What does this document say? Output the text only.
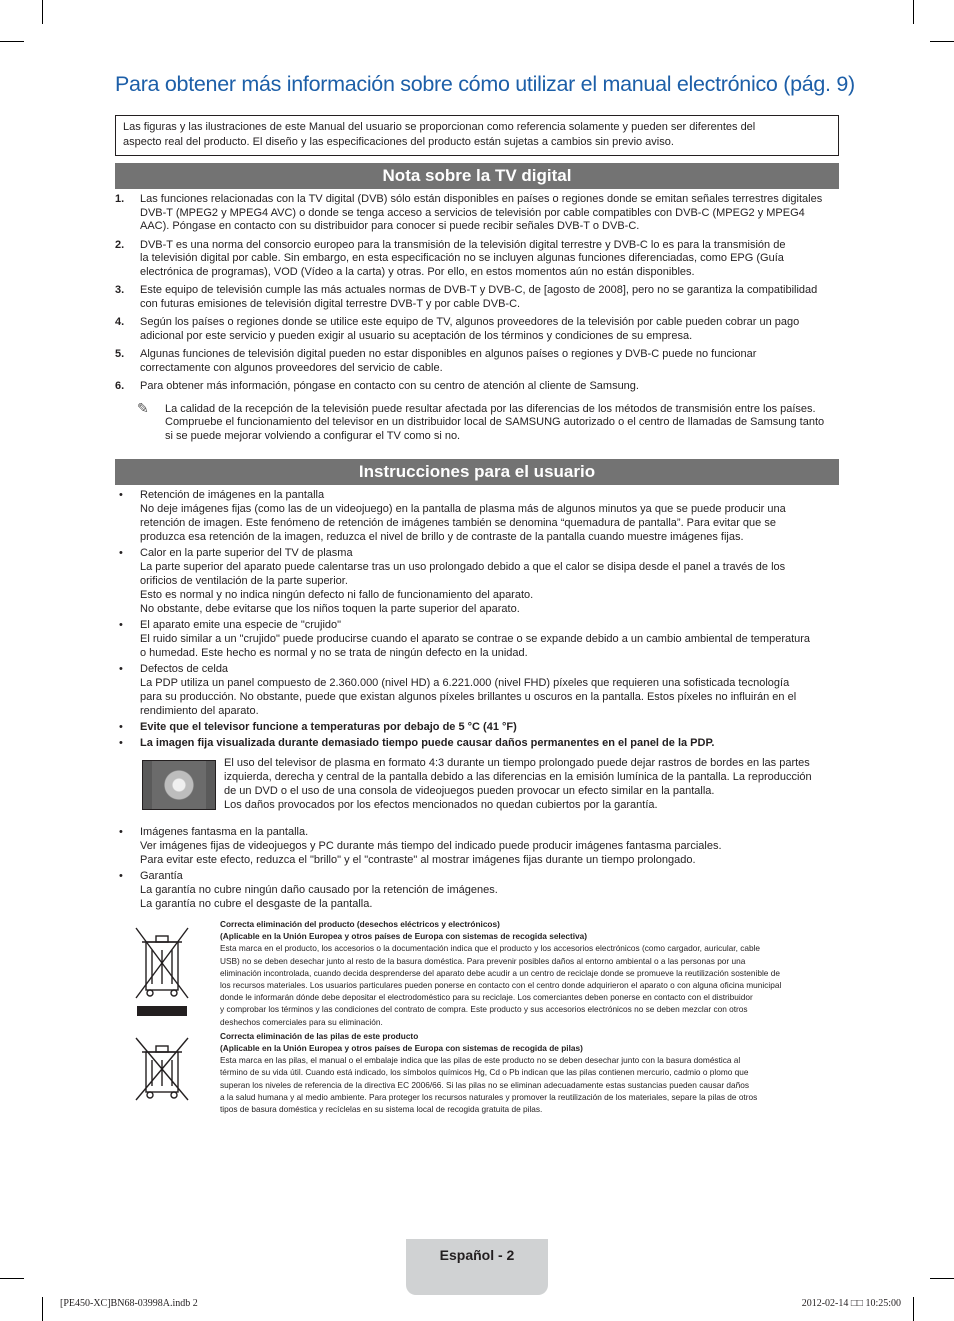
Para obtener más información sobre cómo utilizar el manual electrónico (pág. 9)
Las figuras y las ilustraciones de este Manual del usuario se proporcionan como referencia solamente y pueden ser diferentes del
aspecto real del producto. El diseño y las especificaciones del producto están sujetas a cambios sin previo aviso.
Nota sobre la TV digital
1. Las funciones relacionadas con la TV digital (DVB) sólo están disponibles en países o regiones donde se emitan señales terrestres digitales
DVB-T (MPEG2 y MPEG4 AVC) o donde se tenga acceso a servicios de televisión por cable compatibles con DVB-C (MPEG2 y MPEG4
AAC). Póngase en contacto con su distribuidor para conocer si puede recibir señales DVB-T o DVB-C.
2. DVB-T es una norma del consorcio europeo para la transmisión de la televisión digital terrestre y DVB-C lo es para la transmisión de
la televisión digital por cable. Sin embargo, en esta especificación no se incluyen algunas funciones diferenciadas, como EPG (Guía
electrónica de programas), VOD (Vídeo a la carta) y otras. Por ello, en estos momentos aún no están disponibles.
3. Este equipo de televisión cumple las más actuales normas de DVB-T y DVB-C, de [agosto de 2008], pero no se garantiza la compatibilidad
con futuras emisiones de televisión digital terrestre DVB-T y por cable DVB-C.
4. Según los países o regiones donde se utilice este equipo de TV, algunos proveedores de la televisión por cable pueden cobrar un pago
adicional por este servicio y pueden exigir al usuario su aceptación de los términos y condiciones de su empresa.
5. Algunas funciones de televisión digital pueden no estar disponibles en algunos países o regiones y DVB-C puede no funcionar
correctamente con algunos proveedores del servicio de cable.
6. Para obtener más información, póngase en contacto con su centro de atención al cliente de Samsung.
✎ La calidad de la recepción de la televisión puede resultar afectada por las diferencias de los métodos de transmisión entre los países.
Compruebe el funcionamiento del televisor en un distribuidor local de SAMSUNG autorizado o el centro de llamadas de Samsung tanto
si se puede mejorar volviendo a configurar el TV como si no.
Instrucciones para el usuario
• Retención de imágenes en la pantalla
No deje imágenes fijas (como las de un videojuego) en la pantalla de plasma más de algunos minutos ya que se puede producir una
retención de imagen. Este fenómeno de retención de imágenes también se denomina “quemadura de pantalla”. Para evitar que se
produzca esa retención de la imagen, reduzca el nivel de brillo y de contraste de la pantalla cuando muestre imágenes fijas.
• Calor en la parte superior del TV de plasma
La parte superior del aparato puede calentarse tras un uso prolongado debido a que el calor se disipa desde el panel a través de los
orificios de ventilación de la parte superior.
Esto es normal y no indica ningún defecto ni fallo de funcionamiento del aparato.
No obstante, debe evitarse que los niños toquen la parte superior del aparato.
• El aparato emite una especie de "crujido"
El ruido similar a un "crujido" puede producirse cuando el aparato se contrae o se expande debido a un cambio ambiental de temperatura
o humedad. Este hecho es normal y no se trata de ningún defecto en la unidad.
• Defectos de celda
La PDP utiliza un panel compuesto de 2.360.000 (nivel HD) a 6.221.000 (nivel FHD) píxeles que requieren una sofisticada tecnología
para su producción. No obstante, puede que existan algunos píxeles brillantes u oscuros en la pantalla. Estos píxeles no influirán en el
rendimiento del aparato.
• Evite que el televisor funcione a temperaturas por debajo de 5 °C (41 °F)
• La imagen fija visualizada durante demasiado tiempo puede causar daños permanentes en el panel de la PDP.
El uso del televisor de plasma en formato 4:3 durante un tiempo prolongado puede dejar rastros de bordes en las partes
izquierda, derecha y central de la pantalla debido a las diferencias en la emisión lumínica de la pantalla. La reproducción
de un DVD o el uso de una consola de videojuegos pueden provocar un efecto similar en la pantalla.
Los daños provocados por los efectos mencionados no quedan cubiertos por la garantía.
• Imágenes fantasma en la pantalla.
Ver imágenes fijas de videojuegos y PC durante más tiempo del indicado puede producir imágenes fantasma parciales.
Para evitar este efecto, reduzca el "brillo" y el "contraste" al mostrar imágenes fijas durante un tiempo prolongado.
• Garantía
La garantía no cubre ningún daño causado por la retención de imágenes.
La garantía no cubre el desgaste de la pantalla.
Correcta eliminación del producto (desechos eléctricos y electrónicos)
(Aplicable en la Unión Europea y otros países de Europa con sistemas de recogida selectiva)
Esta marca en el producto, los accesorios o la documentación indica que el producto y los accesorios electrónicos (como cargador, auricular, cable
USB) no se deben desechar junto al resto de la basura doméstica. Para prevenir posibles daños al entorno ambiental o a las personas por una
eliminación incontrolada, cuando decida desprenderse del aparato debe acudir a un centro de reciclaje donde se promueve la reutilización sostenible de
los recursos materiales. Los usuarios particulares pueden ponerse en contacto con el centro donde adquirieron el aparato o con alguna oficina municipal
donde le informarán dónde debe depositar el electrodoméstico para su reciclaje. Los comerciantes deben ponerse en contacto con el distribuidor
y comprobar los términos y las condiciones del contrato de compra. Este producto y sus accesorios electrónicos no se deben mezclar con otros
deshechos comerciales para su eliminación.
Correcta eliminación de las pilas de este producto
(Aplicable en la Unión Europea y otros países de Europa con sistemas de recogida de pilas)
Esta marca en las pilas, el manual o el embalaje indica que las pilas de este producto no se deben desechar junto con la basura doméstica al
término de su vida útil. Cuando está indicado, los símbolos químicos Hg, Cd o Pb indican que las pilas contienen mercurio, cadmio o plomo que
superan los niveles de referencia de la directiva EC 2006/66. Si las pilas no se eliminan adecuadamente estas sustancias pueden causar daños
a la salud humana y al medio ambiente. Para proteger los recursos naturales y promover la reutilización de los materiales, separe la pilas de otros
tipos de basura doméstica y recíclelas en su sistema local de recogida gratuita de pilas.
Español - 2
[PE450-XC]BN68-03998A.indb 2	2012-02-14 □□ 10:25:00
